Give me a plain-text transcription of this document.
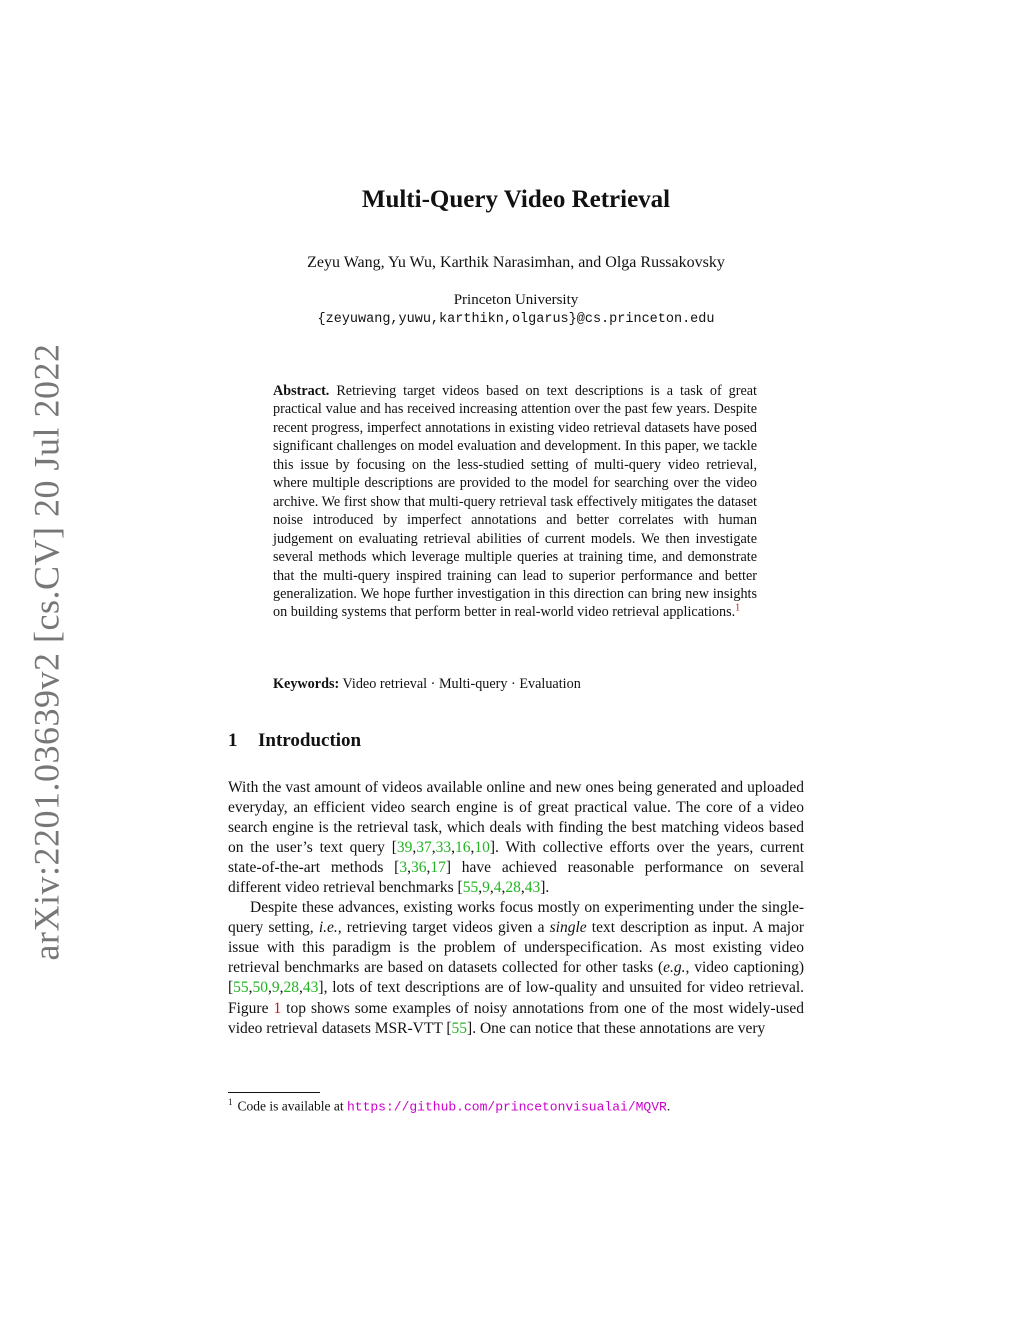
arXiv:2201.03639v2 [cs.CV] 20 Jul 2022
Multi-Query Video Retrieval
Zeyu Wang, Yu Wu, Karthik Narasimhan, and Olga Russakovsky
Princeton University
{zeyuwang,yuwu,karthikn,olgarus}@cs.princeton.edu

Abstract. Retrieving target videos based on text descriptions is a task of great practical value and has received increasing attention over the past few years. Despite recent progress, imperfect annotations in existing video retrieval datasets have posed significant challenges on model evaluation and development. In this paper, we tackle this issue by focusing on the less-studied setting of multi-query video retrieval, where multiple descriptions are provided to the model for searching over the video archive. We first show that multi-query retrieval task effectively mitigates the dataset noise introduced by imperfect annotations and better correlates with human judgement on evaluating retrieval abilities of current models. We then investigate several methods which leverage multiple queries at training time, and demonstrate that the multi-query inspired training can lead to superior performance and better generalization. We hope further investigation in this direction can bring new insights on building systems that perform better in real-world video retrieval applications.$^1$

Keywords: Video retrieval · Multi-query · Evaluation

1 Introduction

With the vast amount of videos available online and new ones being generated and uploaded everyday, an efficient video search engine is of great practical value. The core of a video search engine is the retrieval task, which deals with finding the best matching videos based on the user’s text query [39,37,33,16,10]. With collective efforts over the years, current state-of-the-art methods [3,36,17] have achieved reasonable performance on several different video retrieval benchmarks [55,9,4,28,43].

Despite these advances, existing works focus mostly on experimenting under the single-query setting, i.e., retrieving target videos given a single text description as input. A major issue with this paradigm is the problem of underspecification. As most existing video retrieval benchmarks are based on datasets collected for other tasks (e.g., video captioning) [55,50,9,28,43], lots of text descriptions are of low-quality and unsuited for video retrieval. Figure 1 top shows some examples of noisy annotations from one of the most widely-used video retrieval datasets MSR-VTT [55]. One can notice that these annotations are very

$^1$ Code is available at https://github.com/princetonvisualai/MQVR.
